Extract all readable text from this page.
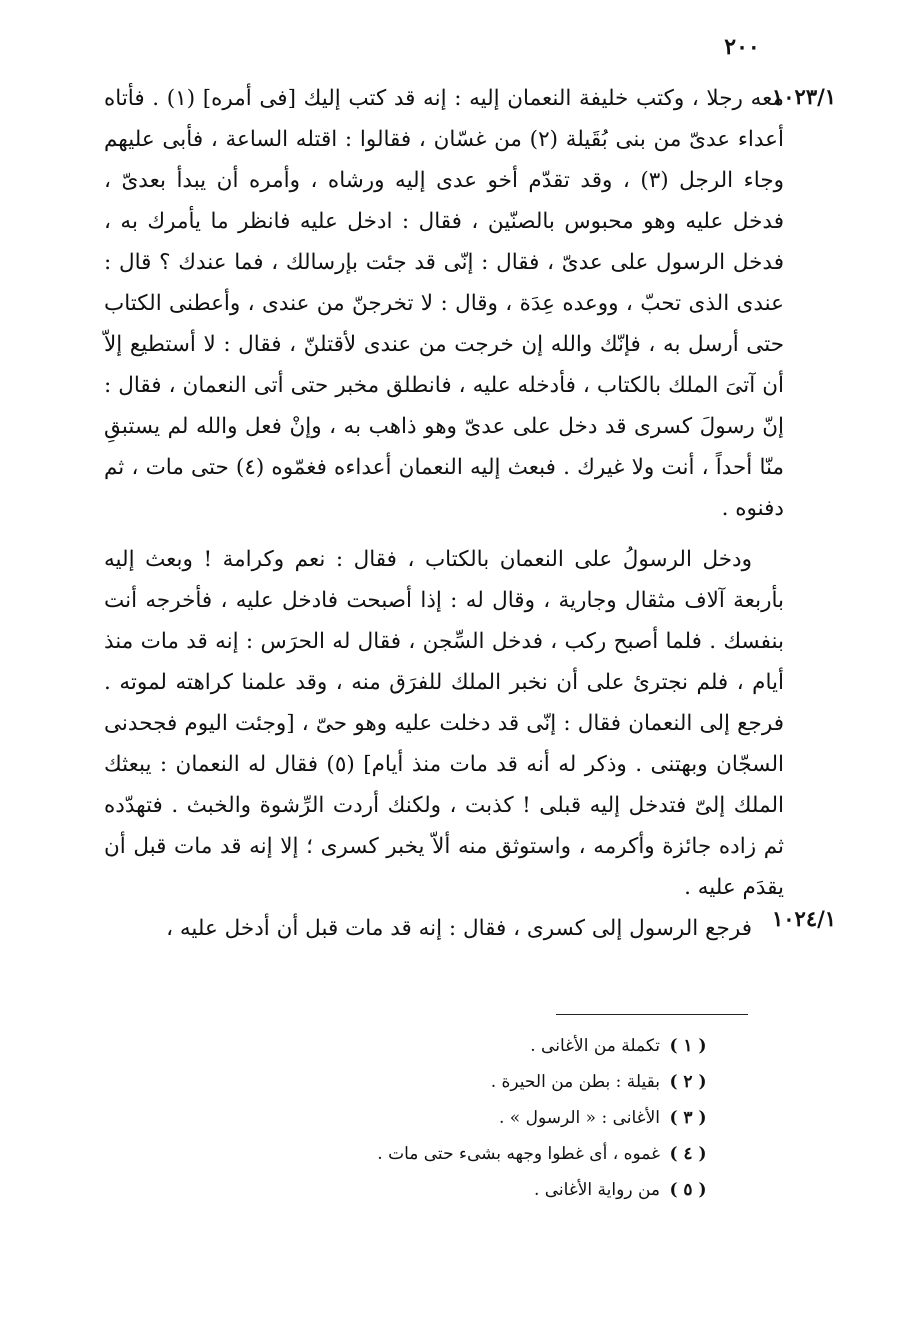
٢٠٠
١٠٢٣/١
١٠٢٤/١

معه رجلا ، وكتب خليفة النعمان إليه : إنه قد كتب إليك [فى أمره] (١) . فأتاه أعداء عدىّ من بنى بُقَيلة (٢) من غسّان ، فقالوا : اقتله الساعة ، فأبى عليهم وجاء الرجل (٣) ، وقد تقدّم أخو عدى إليه ورشاه ، وأمره أن يبدأ بعدىّ ، فدخل عليه وهو محبوس بالصنّين ، فقال : ادخل عليه فانظر ما يأمرك به ، فدخل الرسول على عدىّ ، فقال : إنّى قد جئت بإرسالك ، فما عندك ؟ قال : عندى الذى تحبّ ، ووعده عِدَة ، وقال : لا تخرجنّ من عندى ، وأعطنى الكتاب حتى أرسل به ، فإنّك والله إن خرجت من عندى لأقتلنّ ، فقال : لا أستطيع إلاّ أن آتىَ الملك بالكتاب ، فأدخله عليه ، فانطلق مخبر حتى أتى النعمان ، فقال : إنّ رسولَ كسرى قد دخل على عدىّ وهو ذاهب به ، وإنْ فعل والله لم يستبقِ منّا أحداً ، أنت ولا غيرك . فبعث إليه النعمان أعداءه فغمّوه (٤) حتى مات ، ثم دفنوه .

ودخل الرسولُ على النعمان بالكتاب ، فقال : نعم وكرامة ! وبعث إليه بأربعة آلاف مثقال وجارية ، وقال له : إذا أصبحت فادخل عليه ، فأخرجه أنت بنفسك . فلما أصبح ركب ، فدخل السِّجن ، فقال له الحرَس : إنه قد مات منذ أيام ، فلم نجترئ على أن نخبر الملك للفرَق منه ، وقد علمنا كراهته لموته . فرجع إلى النعمان فقال : إنّى قد دخلت عليه وهو حىّ ، [وجئت اليوم فجحدنى السجّان وبهتنى . وذكر له أنه قد مات منذ أيام] (٥) فقال له النعمان : يبعثك الملك إلىّ فتدخل إليه قبلى ! كذبت ، ولكنك أردت الرِّشوة والخبث . فتهدّده ثم زاده جائزة وأكرمه ، واستوثق منه ألاّ يخبر كسرى ؛ إلا إنه قد مات قبل أن يقدَم عليه .

فرجع الرسول إلى كسرى ، فقال : إنه قد مات قبل أن أدخل عليه ،

( ١ )
تكملة من الأغانى .
( ٢ )
بقيلة : بطن من الحيرة .
( ٣ )
الأغانى : « الرسول » .
( ٤ )
غموه ، أى غطوا وجهه بشىء حتى مات .
( ٥ )
من رواية الأغانى .
